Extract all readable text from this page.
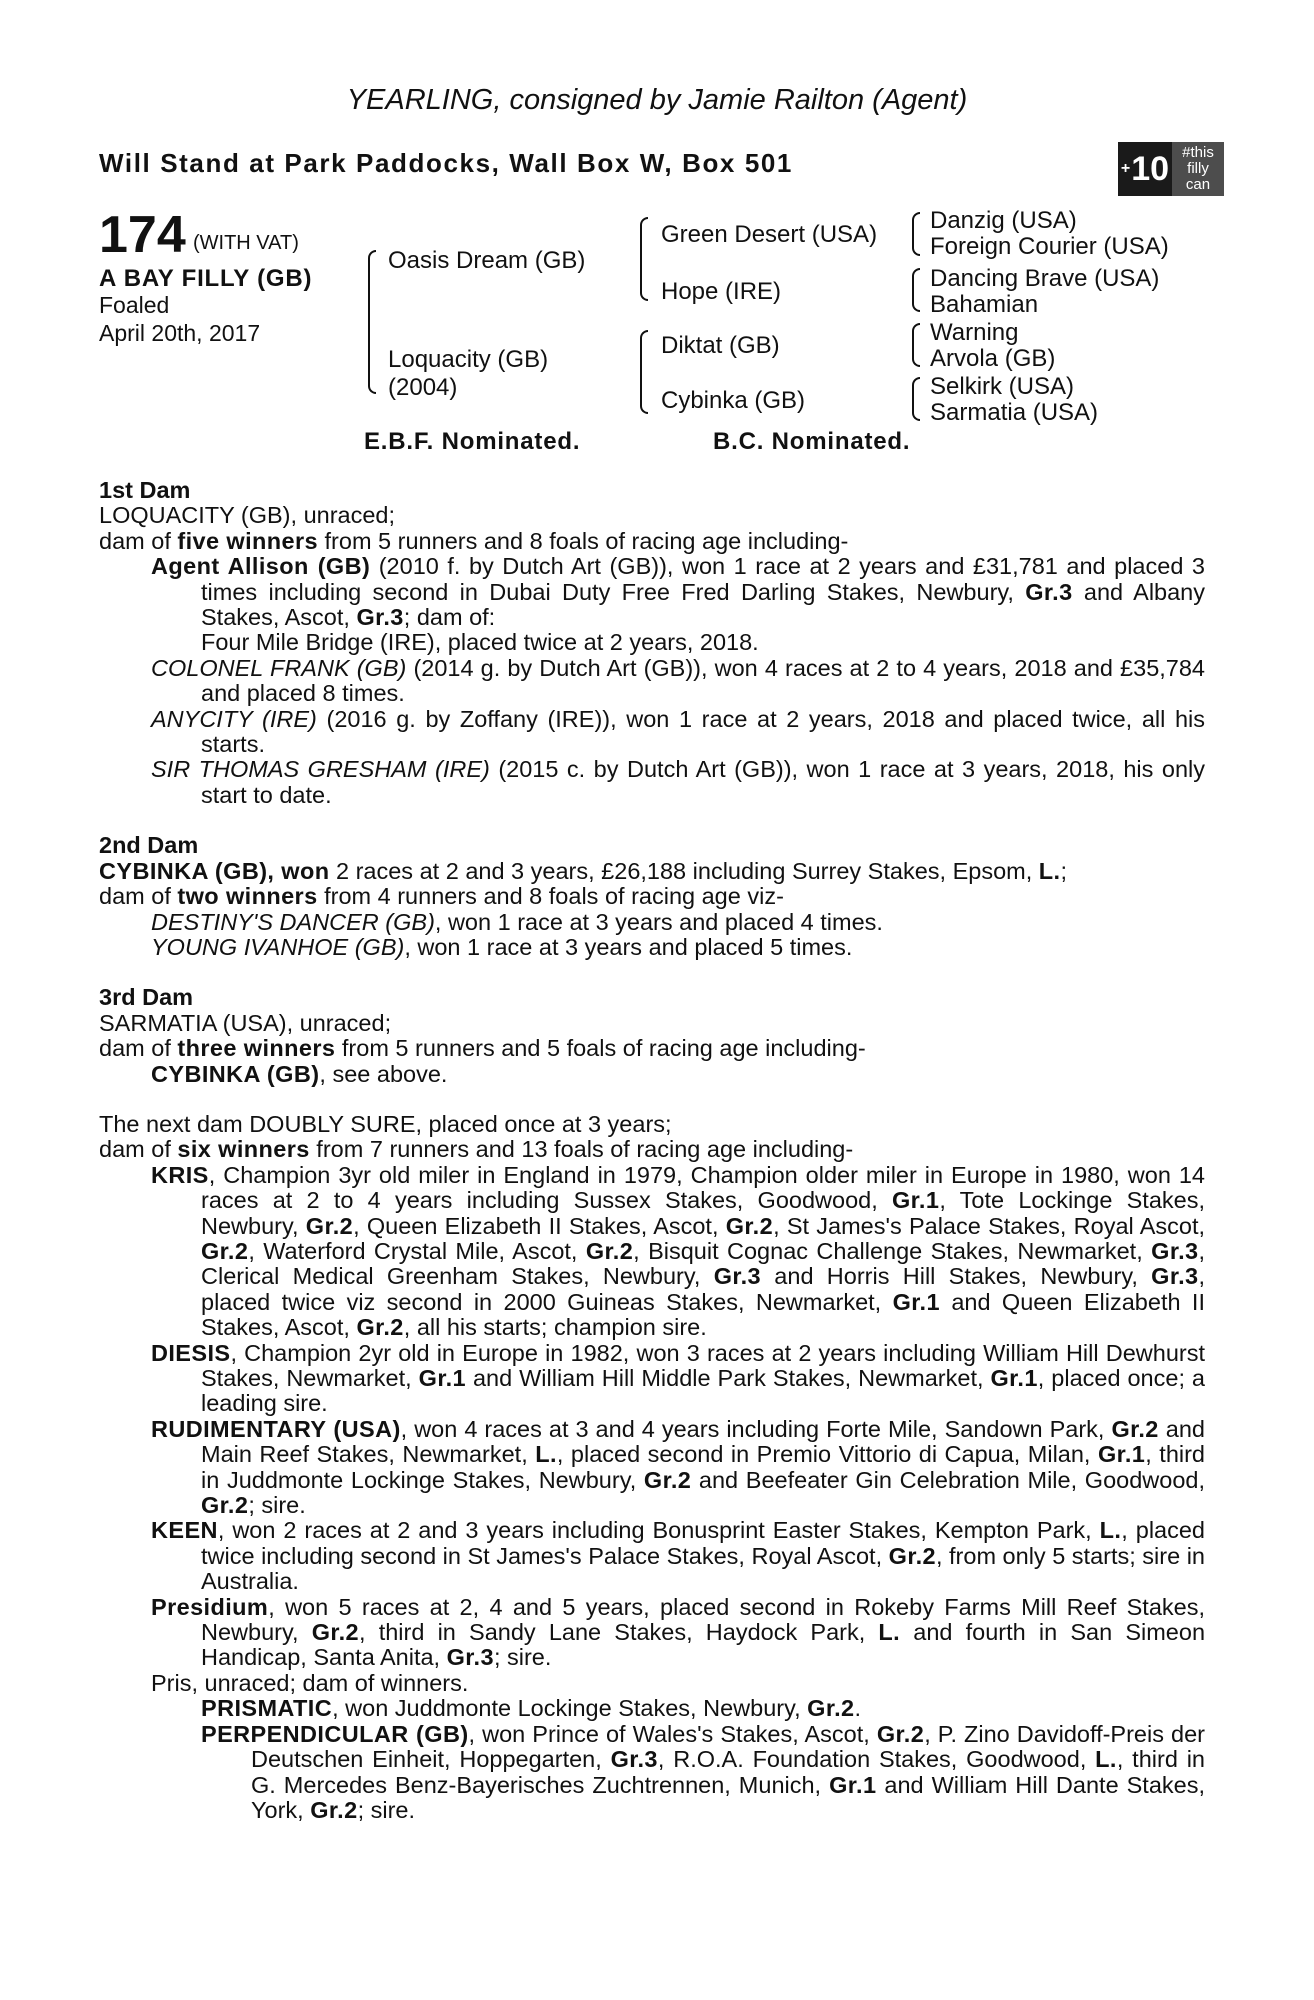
YEARLING, consigned by Jamie Railton (Agent)
Will Stand at Park Paddocks, Wall Box W, Box 501	+ 10 #this
filly
can
174 (WITH VAT)
A BAY FILLY (GB)
Foaled
April 20th, 2017
Oasis Dream (GB)
Loquacity (GB)
(2004)
Green Desert (USA)
Hope (IRE)
Diktat (GB)
Cybinka (GB)
Danzig (USA)
Foreign Courier (USA)
Dancing Brave (USA)
Bahamian
Warning
Arvola (GB)
Selkirk (USA)
Sarmatia (USA)
E.B.F. Nominated.	B.C. Nominated.

1st Dam

LOQUACITY (GB), unraced;

dam of five winners from 5 runners and 8 foals of racing age including-

Agent Allison (GB) (2010 f. by Dutch Art (GB)), won 1 race at 2 years and £31,781 and placed 3 times including second in Dubai Duty Free Fred Darling Stakes, Newbury, Gr.3 and Albany Stakes, Ascot, Gr.3; dam of:

Four Mile Bridge (IRE), placed twice at 2 years, 2018.

COLONEL FRANK (GB) (2014 g. by Dutch Art (GB)), won 4 races at 2 to 4 years, 2018 and £35,784 and placed 8 times.

ANYCITY (IRE) (2016 g. by Zoffany (IRE)), won 1 race at 2 years, 2018 and placed twice, all his starts.

SIR THOMAS GRESHAM (IRE) (2015 c. by Dutch Art (GB)), won 1 race at 3 years, 2018, his only start to date.

2nd Dam

CYBINKA (GB), won 2 races at 2 and 3 years, £26,188 including Surrey Stakes, Epsom, L.;

dam of two winners from 4 runners and 8 foals of racing age viz-

DESTINY'S DANCER (GB), won 1 race at 3 years and placed 4 times.

YOUNG IVANHOE (GB), won 1 race at 3 years and placed 5 times.

3rd Dam

SARMATIA (USA), unraced;

dam of three winners from 5 runners and 5 foals of racing age including-

CYBINKA (GB), see above.

The next dam DOUBLY SURE, placed once at 3 years;

dam of six winners from 7 runners and 13 foals of racing age including-

KRIS, Champion 3yr old miler in England in 1979, Champion older miler in Europe in 1980, won 14 races at 2 to 4 years including Sussex Stakes, Goodwood, Gr.1, Tote Lockinge Stakes, Newbury, Gr.2, Queen Elizabeth II Stakes, Ascot, Gr.2, St James's Palace Stakes, Royal Ascot, Gr.2, Waterford Crystal Mile, Ascot, Gr.2, Bisquit Cognac Challenge Stakes, Newmarket, Gr.3, Clerical Medical Greenham Stakes, Newbury, Gr.3 and Horris Hill Stakes, Newbury, Gr.3, placed twice viz second in 2000 Guineas Stakes, Newmarket, Gr.1 and Queen Elizabeth II Stakes, Ascot, Gr.2, all his starts; champion sire.

DIESIS, Champion 2yr old in Europe in 1982, won 3 races at 2 years including William Hill Dewhurst Stakes, Newmarket, Gr.1 and William Hill Middle Park Stakes, Newmarket, Gr.1, placed once; a leading sire.

RUDIMENTARY (USA), won 4 races at 3 and 4 years including Forte Mile, Sandown Park, Gr.2 and Main Reef Stakes, Newmarket, L., placed second in Premio Vittorio di Capua, Milan, Gr.1, third in Juddmonte Lockinge Stakes, Newbury, Gr.2 and Beefeater Gin Celebration Mile, Goodwood, Gr.2; sire.

KEEN, won 2 races at 2 and 3 years including Bonusprint Easter Stakes, Kempton Park, L., placed twice including second in St James's Palace Stakes, Royal Ascot, Gr.2, from only 5 starts; sire in Australia.

Presidium, won 5 races at 2, 4 and 5 years, placed second in Rokeby Farms Mill Reef Stakes, Newbury, Gr.2, third in Sandy Lane Stakes, Haydock Park, L. and fourth in San Simeon Handicap, Santa Anita, Gr.3; sire.

Pris, unraced; dam of winners.

PRISMATIC, won Juddmonte Lockinge Stakes, Newbury, Gr.2.

PERPENDICULAR (GB), won Prince of Wales's Stakes, Ascot, Gr.2, P. Zino Davidoff-Preis der Deutschen Einheit, Hoppegarten, Gr.3, R.O.A. Foundation Stakes, Goodwood, L., third in G. Mercedes Benz-Bayerisches Zuchtrennen, Munich, Gr.1 and William Hill Dante Stakes, York, Gr.2; sire.
